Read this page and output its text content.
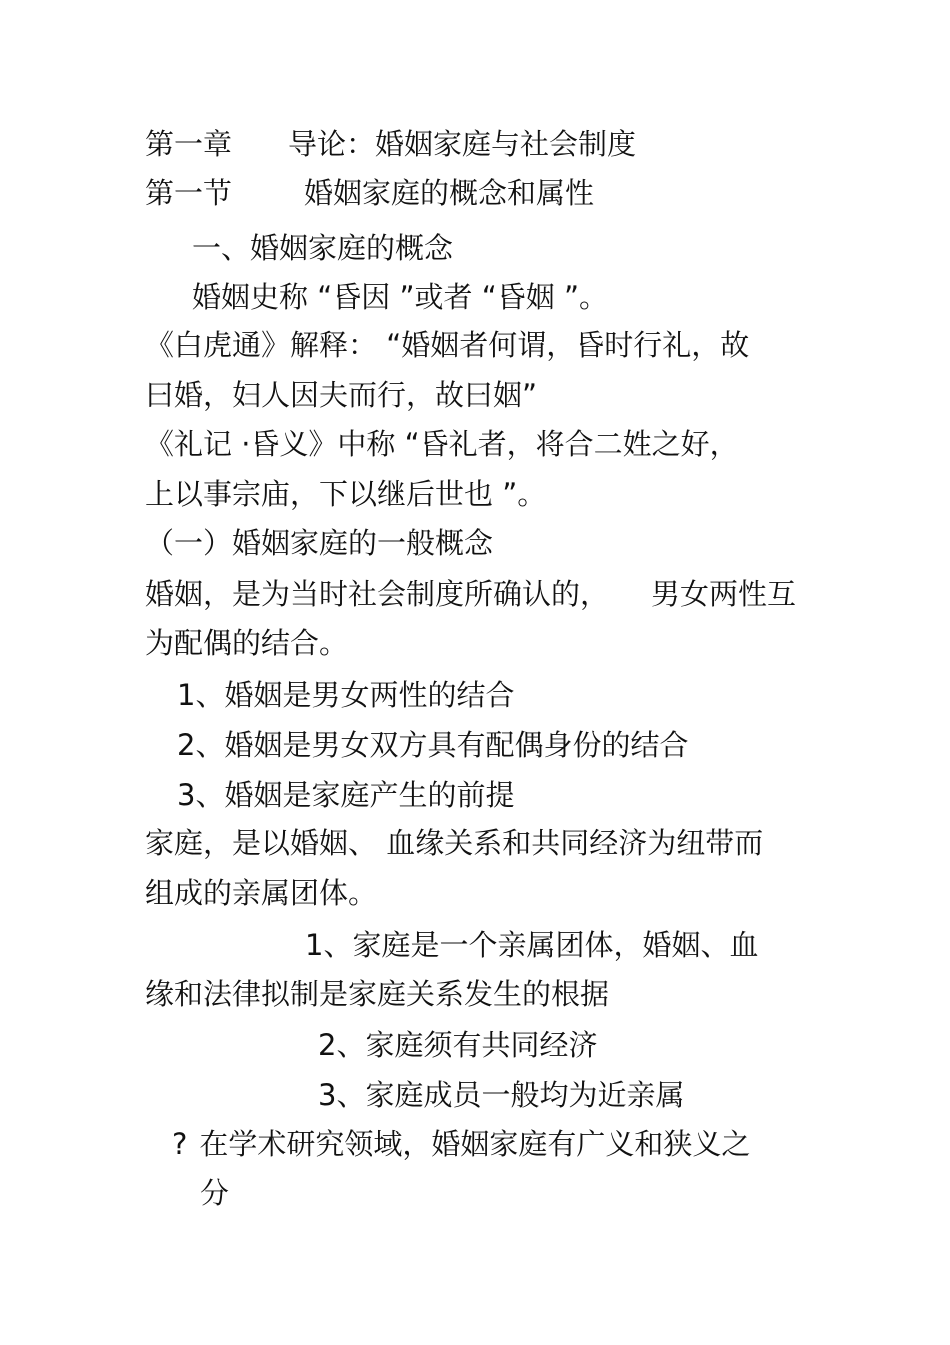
第一章 导论：婚姻家庭与社会制度
第一节 婚姻家庭的概念和属性
一、婚姻家庭的概念
婚姻史称 “昏因 ”或者 “昏姻 ”。
《白虎通》解释： “婚姻者何谓，昏时行礼，故
曰婚，妇人因夫而行，故曰姻”
《礼记 ·昏义》中称 “昏礼者，将合二姓之好，
上以事宗庙，下以继后世也 ”。
（一）婚姻家庭的一般概念
婚姻，是为当时社会制度所确认的， 男女两性互
为配偶的结合。
1、婚姻是男女两性的结合
2、婚姻是男女双方具有配偶身份的结合
3、婚姻是家庭产生的前提
家庭，是以婚姻、 血缘关系和共同经济为纽带而
组成的亲属团体。
1、家庭是一个亲属团体，婚姻、血
缘和法律拟制是家庭关系发生的根据
2、家庭须有共同经济
3、家庭成员一般均为近亲属
? 在学术研究领域，婚姻家庭有广义和狭义之
分
